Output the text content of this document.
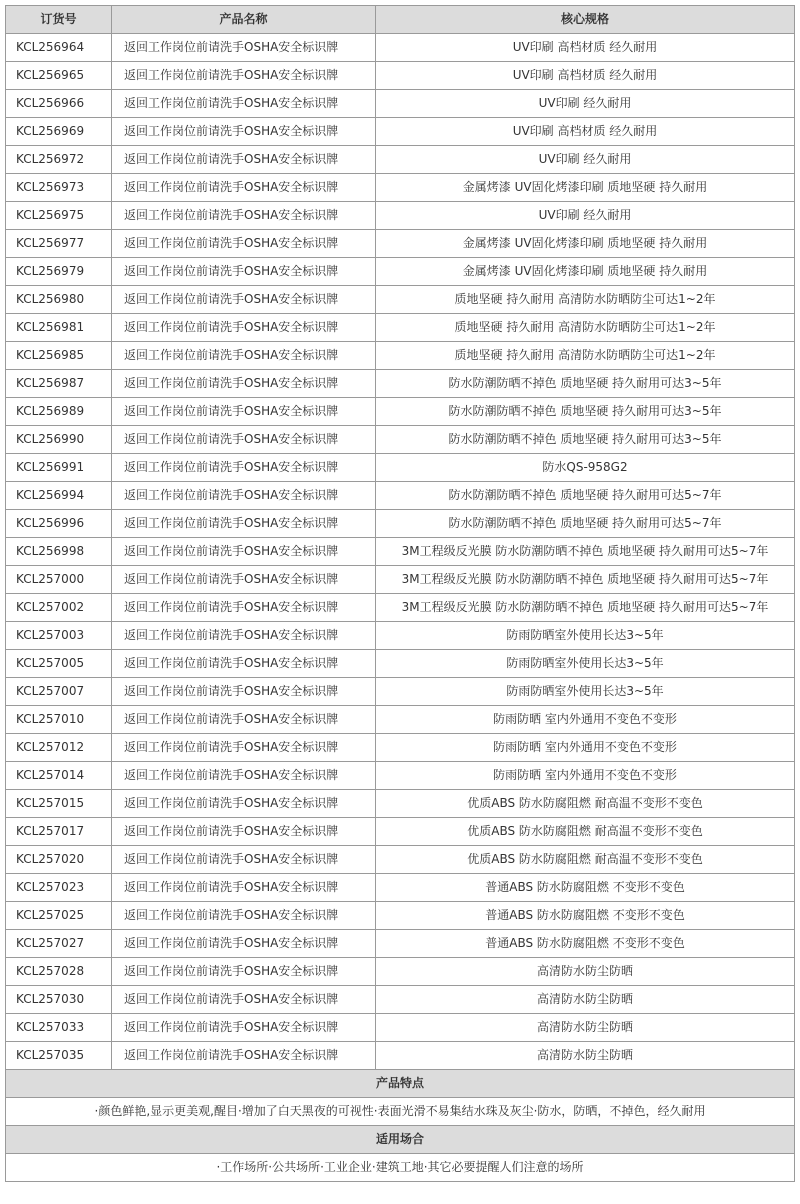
订货号	产品名称	核心规格
KCL256964	返回工作岗位前请洗手OSHA安全标识牌	UV印刷 高档材质 经久耐用
KCL256965	返回工作岗位前请洗手OSHA安全标识牌	UV印刷 高档材质 经久耐用
KCL256966	返回工作岗位前请洗手OSHA安全标识牌	UV印刷 经久耐用
KCL256969	返回工作岗位前请洗手OSHA安全标识牌	UV印刷 高档材质 经久耐用
KCL256972	返回工作岗位前请洗手OSHA安全标识牌	UV印刷 经久耐用
KCL256973	返回工作岗位前请洗手OSHA安全标识牌	金属烤漆 UV固化烤漆印刷 质地坚硬 持久耐用
KCL256975	返回工作岗位前请洗手OSHA安全标识牌	UV印刷 经久耐用
KCL256977	返回工作岗位前请洗手OSHA安全标识牌	金属烤漆 UV固化烤漆印刷 质地坚硬 持久耐用
KCL256979	返回工作岗位前请洗手OSHA安全标识牌	金属烤漆 UV固化烤漆印刷 质地坚硬 持久耐用
KCL256980	返回工作岗位前请洗手OSHA安全标识牌	质地坚硬 持久耐用 高清防水防晒防尘可达1~2年
KCL256981	返回工作岗位前请洗手OSHA安全标识牌	质地坚硬 持久耐用 高清防水防晒防尘可达1~2年
KCL256985	返回工作岗位前请洗手OSHA安全标识牌	质地坚硬 持久耐用 高清防水防晒防尘可达1~2年
KCL256987	返回工作岗位前请洗手OSHA安全标识牌	防水防潮防晒不掉色 质地坚硬 持久耐用可达3~5年
KCL256989	返回工作岗位前请洗手OSHA安全标识牌	防水防潮防晒不掉色 质地坚硬 持久耐用可达3~5年
KCL256990	返回工作岗位前请洗手OSHA安全标识牌	防水防潮防晒不掉色 质地坚硬 持久耐用可达3~5年
KCL256991	返回工作岗位前请洗手OSHA安全标识牌	防水QS-958G2
KCL256994	返回工作岗位前请洗手OSHA安全标识牌	防水防潮防晒不掉色 质地坚硬 持久耐用可达5~7年
KCL256996	返回工作岗位前请洗手OSHA安全标识牌	防水防潮防晒不掉色 质地坚硬 持久耐用可达5~7年
KCL256998	返回工作岗位前请洗手OSHA安全标识牌	3M工程级反光膜 防水防潮防晒不掉色 质地坚硬 持久耐用可达5~7年
KCL257000	返回工作岗位前请洗手OSHA安全标识牌	3M工程级反光膜 防水防潮防晒不掉色 质地坚硬 持久耐用可达5~7年
KCL257002	返回工作岗位前请洗手OSHA安全标识牌	3M工程级反光膜 防水防潮防晒不掉色 质地坚硬 持久耐用可达5~7年
KCL257003	返回工作岗位前请洗手OSHA安全标识牌	防雨防晒室外使用长达3~5年
KCL257005	返回工作岗位前请洗手OSHA安全标识牌	防雨防晒室外使用长达3~5年
KCL257007	返回工作岗位前请洗手OSHA安全标识牌	防雨防晒室外使用长达3~5年
KCL257010	返回工作岗位前请洗手OSHA安全标识牌	防雨防晒 室内外通用不变色不变形
KCL257012	返回工作岗位前请洗手OSHA安全标识牌	防雨防晒 室内外通用不变色不变形
KCL257014	返回工作岗位前请洗手OSHA安全标识牌	防雨防晒 室内外通用不变色不变形
KCL257015	返回工作岗位前请洗手OSHA安全标识牌	优质ABS 防水防腐阻燃 耐高温不变形不变色
KCL257017	返回工作岗位前请洗手OSHA安全标识牌	优质ABS 防水防腐阻燃 耐高温不变形不变色
KCL257020	返回工作岗位前请洗手OSHA安全标识牌	优质ABS 防水防腐阻燃 耐高温不变形不变色
KCL257023	返回工作岗位前请洗手OSHA安全标识牌	普通ABS 防水防腐阻燃 不变形不变色
KCL257025	返回工作岗位前请洗手OSHA安全标识牌	普通ABS 防水防腐阻燃 不变形不变色
KCL257027	返回工作岗位前请洗手OSHA安全标识牌	普通ABS 防水防腐阻燃 不变形不变色
KCL257028	返回工作岗位前请洗手OSHA安全标识牌	高清防水防尘防晒
KCL257030	返回工作岗位前请洗手OSHA安全标识牌	高清防水防尘防晒
KCL257033	返回工作岗位前请洗手OSHA安全标识牌	高清防水防尘防晒
KCL257035	返回工作岗位前请洗手OSHA安全标识牌	高清防水防尘防晒
产品特点		
·颜色鲜艳,显示更美观,醒目·增加了白天黑夜的可视性·表面光滑不易集结水珠及灰尘·防水，防晒，不掉色，经久耐用		
适用场合		
·工作场所·公共场所·工业企业·建筑工地·其它必要提醒人们注意的场所		
